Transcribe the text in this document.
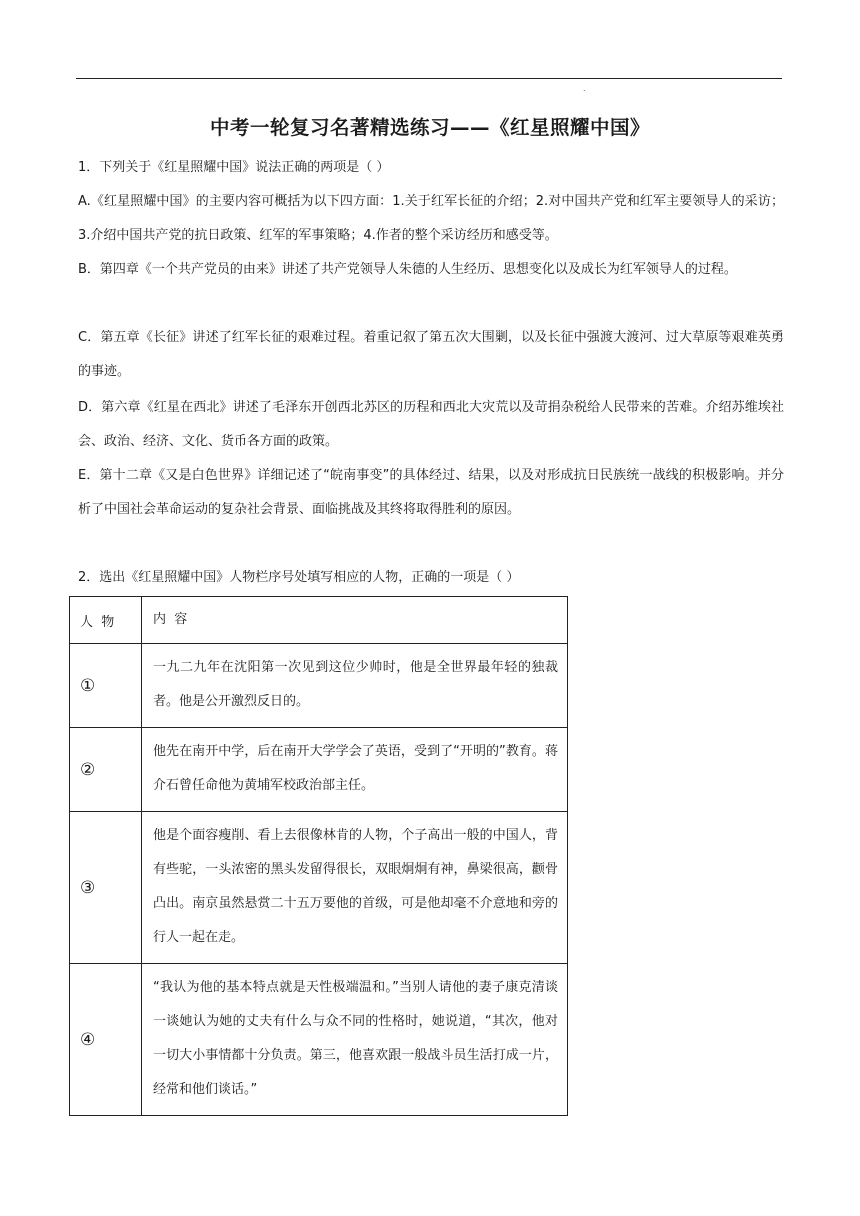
.
中考一轮复习名著精选练习——《红星照耀中国》
1．下列关于《红星照耀中国》说法正确的两项是（ ）
A.《红星照耀中国》的主要内容可概括为以下四方面：1.关于红军长征的介绍；2.对中国共产党和红军主要领导人的采访；3.介绍中国共产党的抗日政策、红军的军事策略；4.作者的整个采访经历和感受等。
B．第四章《一个共产党员的由来》讲述了共产党领导人朱德的人生经历、思想变化以及成长为红军领导人的过程。
C．第五章《长征》讲述了红军长征的艰难过程。着重记叙了第五次大围剿，以及长征中强渡大渡河、过大草原等艰难英勇的事迹。
D．第六章《红星在西北》讲述了毛泽东开创西北苏区的历程和西北大灾荒以及苛捐杂税给人民带来的苦难。介绍苏维埃社会、政治、经济、文化、货币各方面的政策。
E．第十二章《又是白色世界》详细记述了“皖南事变”的具体经过、结果，以及对形成抗日民族统一战线的积极影响。并分析了中国社会革命运动的复杂社会背景、面临挑战及其终将取得胜利的原因。
2．选出《红星照耀中国》人物栏序号处填写相应的人物，正确的一项是（ ）
人  物	内  容
①	一九二九年在沈阳第一次见到这位少帅时，他是全世界最年轻的独裁者。他是公开激烈反日的。
②	他先在南开中学，后在南开大学学会了英语，受到了“开明的”教育。蒋介石曾任命他为黄埔军校政治部主任。
③	他是个面容瘦削、看上去很像林肯的人物，个子高出一般的中国人，背有些驼，一头浓密的黑头发留得很长，双眼炯炯有神，鼻梁很高，颧骨凸出。南京虽然悬赏二十五万要他的首级，可是他却毫不介意地和旁的行人一起在走。
④	“我认为他的基本特点就是天性极端温和。”当别人请他的妻子康克清谈一谈她认为她的丈夫有什么与众不同的性格时，她说道，“其次，他对一切大小事情都十分负责。第三，他喜欢跟一般战斗员生活打成一片，经常和他们谈话。”
